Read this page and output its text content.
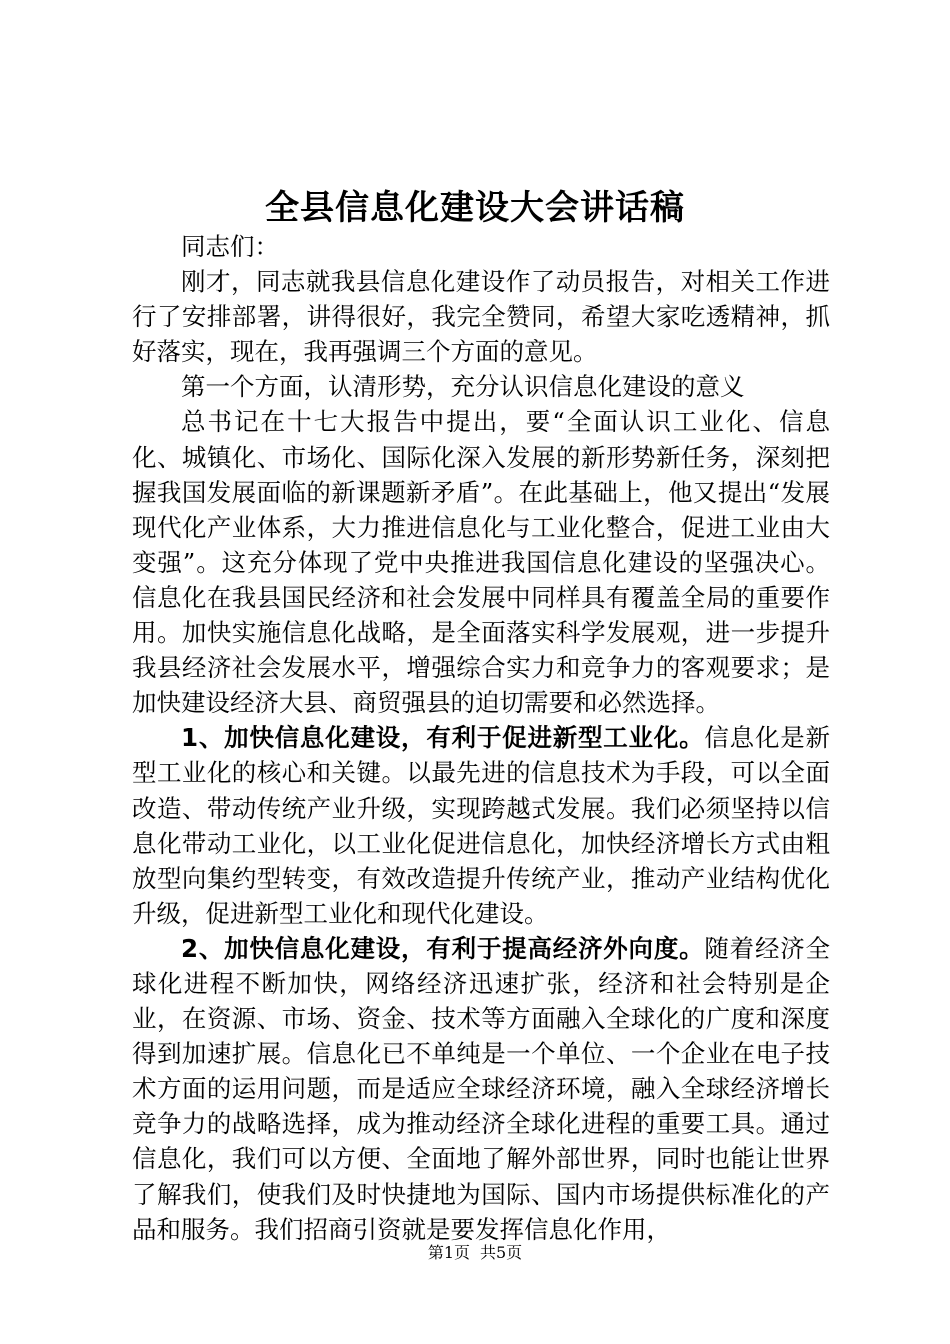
全县信息化建设大会讲话稿

同志们：

刚才，同志就我县信息化建设作了动员报告，对相关工作进行了安排部署，讲得很好，我完全赞同，希望大家吃透精神，抓好落实，现在，我再强调三个方面的意见。

第一个方面，认清形势，充分认识信息化建设的意义

总书记在十七大报告中提出，要“全面认识工业化、信息化、城镇化、市场化、国际化深入发展的新形势新任务，深刻把握我国发展面临的新课题新矛盾”。在此基础上，他又提出“发展现代化产业体系，大力推进信息化与工业化整合，促进工业由大变强”。这充分体现了党中央推进我国信息化建设的坚强决心。信息化在我县国民经济和社会发展中同样具有覆盖全局的重要作用。加快实施信息化战略，是全面落实科学发展观，进一步提升我县经济社会发展水平，增强综合实力和竞争力的客观要求；是加快建设经济大县、商贸强县的迫切需要和必然选择。

1、加快信息化建设，有利于促进新型工业化。信息化是新型工业化的核心和关键。以最先进的信息技术为手段，可以全面改造、带动传统产业升级，实现跨越式发展。我们必须坚持以信息化带动工业化，以工业化促进信息化，加快经济增长方式由粗放型向集约型转变，有效改造提升传统产业，推动产业结构优化升级，促进新型工业化和现代化建设。

2、加快信息化建设，有利于提高经济外向度。随着经济全球化进程不断加快，网络经济迅速扩张，经济和社会特别是企业，在资源、市场、资金、技术等方面融入全球化的广度和深度得到加速扩展。信息化已不单纯是一个单位、一个企业在电子技术方面的运用问题，而是适应全球经济环境，融入全球经济增长竞争力的战略选择，成为推动经济全球化进程的重要工具。通过信息化，我们可以方便、全面地了解外部世界，同时也能让世界了解我们，使我们及时快捷地为国际、国内市场提供标准化的产品和服务。我们招商引资就是要发挥信息化作用，

第1页 共5页
